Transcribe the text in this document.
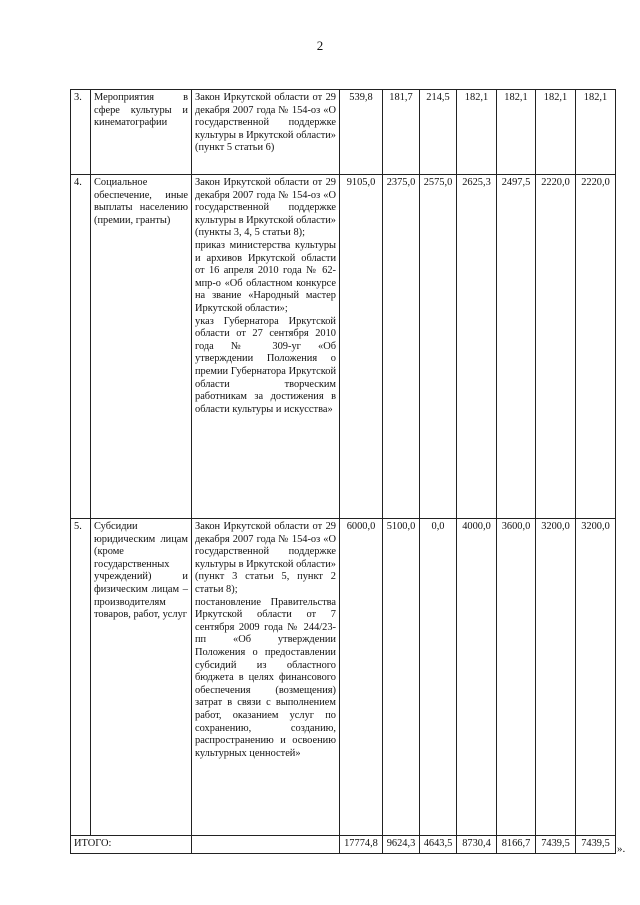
2
3.	Мероприятия в сфере культуры и кинематографии	Закон Иркутской области от 29 декабря 2007 года № 154-оз «О государственной поддержке культуры в Иркутской области» (пункт 5 статьи 6)	539,8	181,7	214,5	182,1	182,1	182,1	182,1
4.	Социальное обеспечение, иные выплаты населению (премии, гранты)	Закон Иркутской области от 29 декабря 2007 года № 154-оз «О государственной поддержке культуры в Иркутской области» (пункты 3, 4, 5 статьи 8);
приказ министерства культуры и архивов Иркутской области от 16 апреля 2010 года № 62-мпр-о «Об областном конкурсе на звание «Народный мастер Иркутской области»;
указ Губернатора Иркутской области от 27 сентября 2010 года № 309-уг «Об утверждении Положения о премии Губернатора Иркутской области творческим работникам за достижения в области культуры и искусства»	9105,0	2375,0	2575,0	2625,3	2497,5	2220,0	2220,0
5.	Субсидии юридическим лицам (кроме государственных учреждений) и физическим лицам – производителям товаров, работ, услуг	Закон Иркутской области от 29 декабря 2007 года № 154-оз «О государственной поддержке культуры в Иркутской области» (пункт 3 статьи 5, пункт 2 статьи 8);
постановление Правительства Иркутской области от 7 сентября 2009 года № 244/23-пп «Об утверждении Положения о предоставлении субсидий из областного бюджета в целях финансового обеспечения (возмещения) затрат в связи с выполнением работ, оказанием услуг по сохранению, созданию, распространению и освоению культурных ценностей»	6000,0	5100,0	0,0	4000,0	3600,0	3200,0	3200,0
ИТОГО:			17774,8	9624,3	4643,5	8730,4	8166,7	7439,5	7439,5 ».
